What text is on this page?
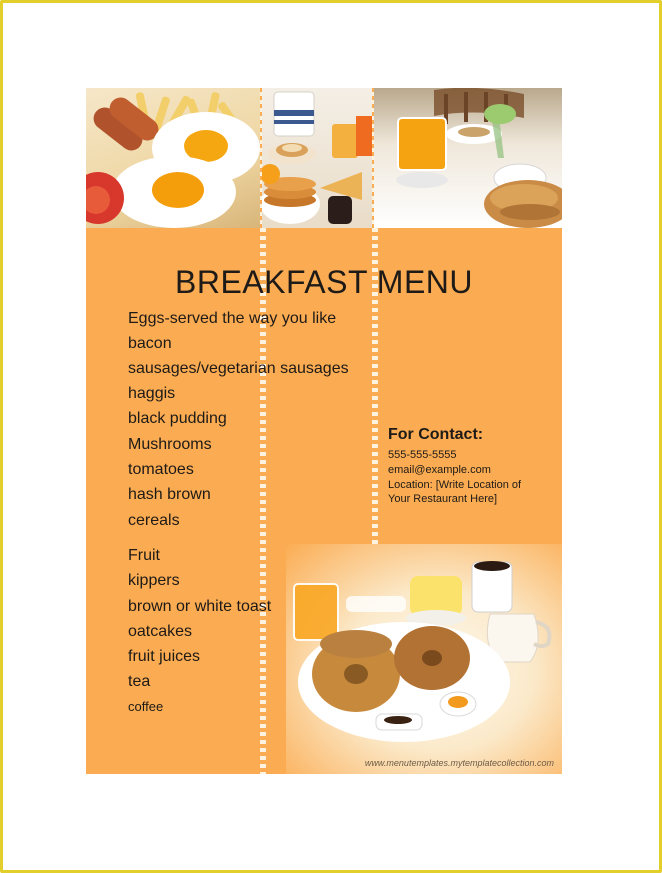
BREAKFAST MENU
Eggs-served the way you like
bacon
sausages/vegetarian sausages
haggis
black pudding
Mushrooms
tomatoes
hash brown
cereals
Fruit
kippers
brown or white toast
oatcakes
fruit juices
tea
coffee
For Contact:
555-555-5555
email@example.com
Location: [Write Location of
Your Restaurant Here]
www.menutemplates.mytemplatecollection.com
